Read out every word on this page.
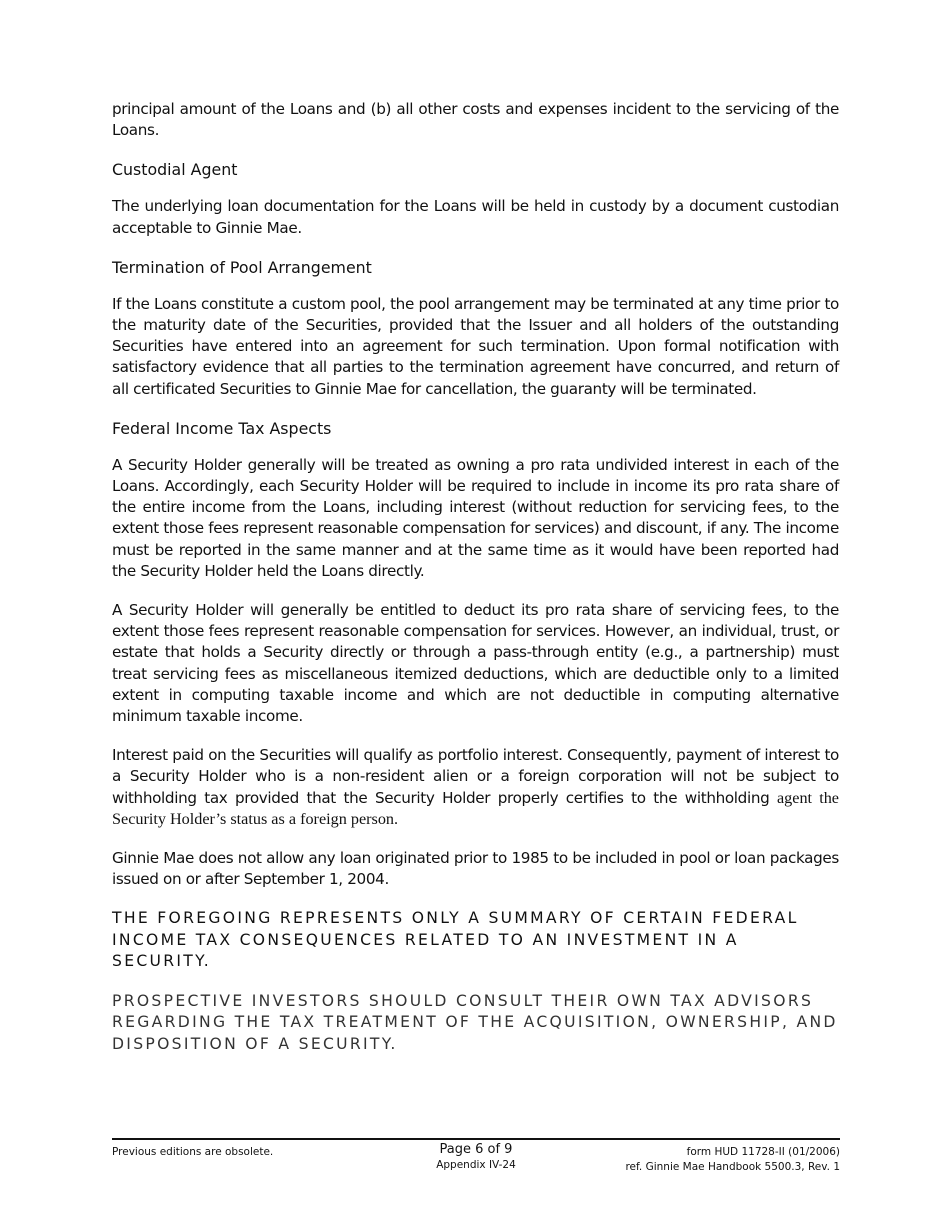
principal amount of the Loans and (b) all other costs and expenses incident to the servicing of the Loans.

Custodial Agent

The underlying loan documentation for the Loans will be held in custody by a document custodian acceptable to Ginnie Mae.

Termination of Pool Arrangement

If the Loans constitute a custom pool, the pool arrangement may be terminated at any time prior to the maturity date of the Securities, provided that the Issuer and all holders of the outstanding Securities have entered into an agreement for such termination. Upon formal notification with satisfactory evidence that all parties to the termination agreement have concurred, and return of all certificated Securities to Ginnie Mae for cancellation, the guaranty will be terminated.

Federal Income Tax Aspects

A Security Holder generally will be treated as owning a pro rata undivided interest in each of the Loans. Accordingly, each Security Holder will be required to include in income its pro rata share of the entire income from the Loans, including interest (without reduction for servicing fees, to the extent those fees represent reasonable compensation for services) and discount, if any. The income must be reported in the same manner and at the same time as it would have been reported had the Security Holder held the Loans directly.

A Security Holder will generally be entitled to deduct its pro rata share of servicing fees, to the extent those fees represent reasonable compensation for services. However, an individual, trust, or estate that holds a Security directly or through a pass-through entity (e.g., a partnership) must treat servicing fees as miscellaneous itemized deductions, which are deductible only to a limited extent in computing taxable income and which are not deductible in computing alternative minimum taxable income.

Interest paid on the Securities will qualify as portfolio interest. Consequently, payment of interest to a Security Holder who is a non-resident alien or a foreign corporation will not be subject to withholding tax provided that the Security Holder properly certifies to the withholding agent the Security Holder’s status as a foreign person.

Ginnie Mae does not allow any loan originated prior to 1985 to be included in pool or loan packages issued on or after September 1, 2004.

THE FOREGOING REPRESENTS ONLY A SUMMARY OF CERTAIN FEDERAL INCOME TAX CONSEQUENCES RELATED TO AN INVESTMENT IN A SECURITY.

PROSPECTIVE INVESTORS SHOULD CONSULT THEIR OWN TAX ADVISORS REGARDING THE TAX TREATMENT OF THE ACQUISITION, OWNERSHIP, AND DISPOSITION OF A SECURITY.

Previous editions are obsolete.	Page 6 of 9
Appendix IV-24
form HUD 11728-II (01/2006)
ref. Ginnie Mae Handbook 5500.3, Rev. 1
